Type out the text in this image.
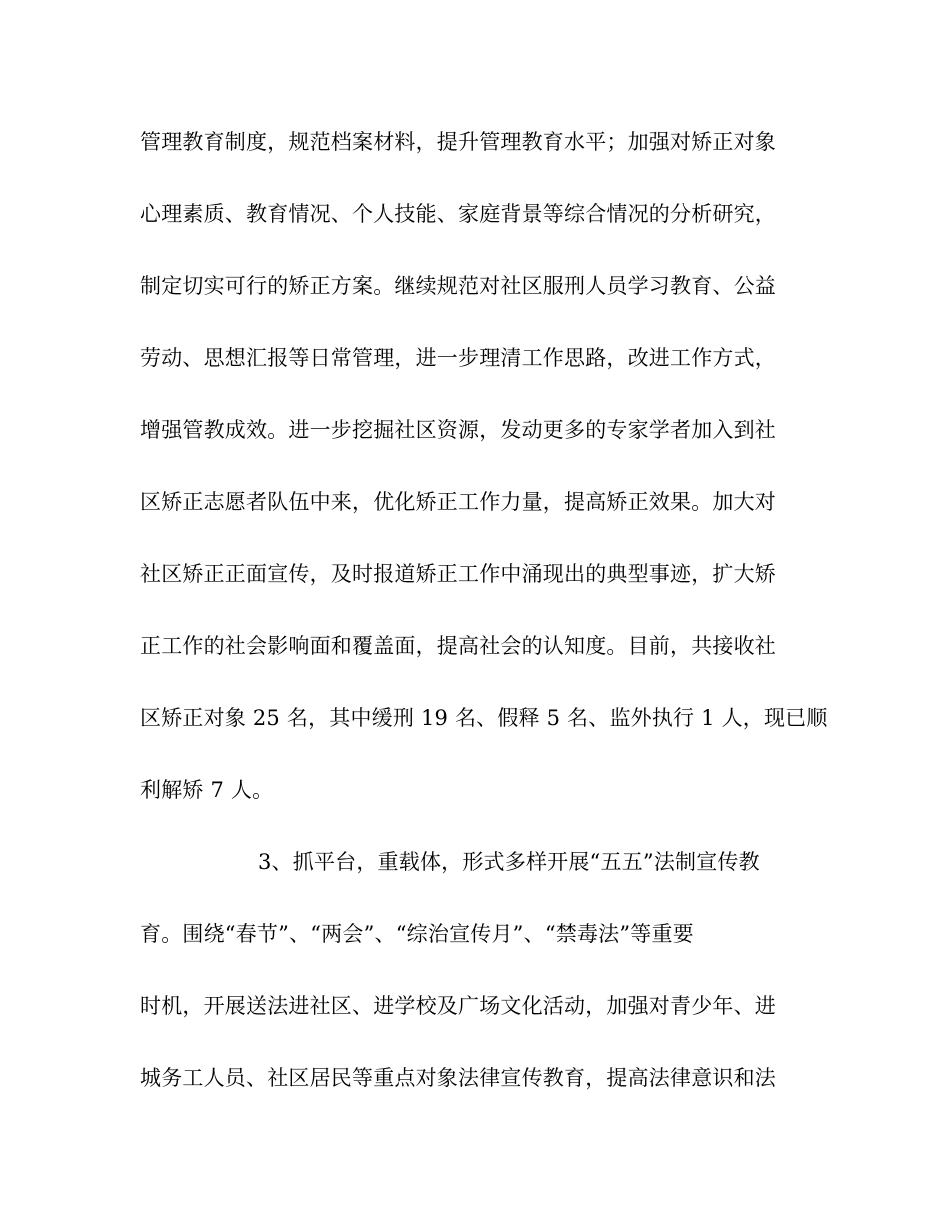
管理教育制度，规范档案材料，提升管理教育水平；加强对矫正对象
心理素质、教育情况、个人技能、家庭背景等综合情况的分析研究，
制定切实可行的矫正方案。继续规范对社区服刑人员学习教育、公益
劳动、思想汇报等日常管理，进一步理清工作思路，改进工作方式，
增强管教成效。进一步挖掘社区资源，发动更多的专家学者加入到社
区矫正志愿者队伍中来，优化矫正工作力量，提高矫正效果。加大对
社区矫正正面宣传，及时报道矫正工作中涌现出的典型事迹，扩大矫
正工作的社会影响面和覆盖面，提高社会的认知度。目前，共接收社
区矫正对象 25 名，其中缓刑 19 名、假释 5 名、监外执行 1 人，现已顺
利解矫 7 人。
3、抓平台，重载体，形式多样开展“五五”法制宣传教
育。围绕“春节”、“两会”、“综治宣传月”、“禁毒法”等重要
时机，开展送法进社区、进学校及广场文化活动，加强对青少年、进
城务工人员、社区居民等重点对象法律宣传教育，提高法律意识和法
